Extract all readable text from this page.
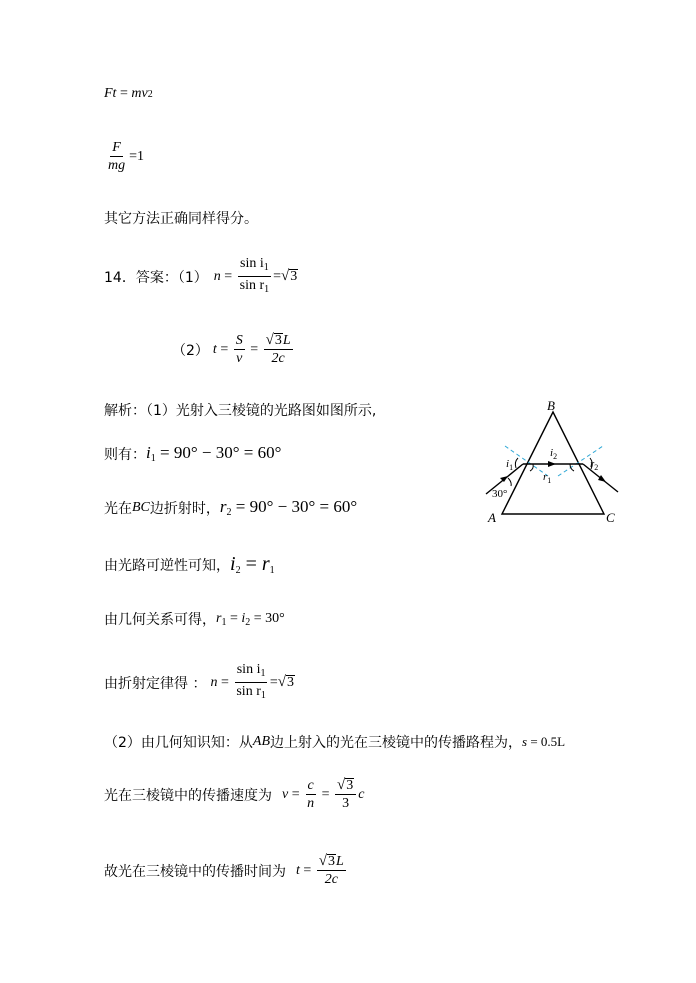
Ft = mv 2
$\frac{F}{mg} =1$
其它方法正确同样得分。
14．答案：（1） $n = \frac{\sin i_1}{\sin r_1}$ = √ 3
（2） $t = \frac{S}{v} = \frac{√ 3 L}{2c}$
解析：（1）光射入三棱镜的光路图如图所示,
则有： $i_1 = 90^\circ - 30^\circ = 60^\circ$
光在 BC 边折射时， $r_2 = 90^\circ - 30^\circ = 60^\circ$
由光路可逆性可知， $i_2 = r_1$
由几何关系可得， $r_1 = i_2 = 30^\circ$
由折射定律得 ： $n = \frac{\sin i_1}{\sin r_1}$ = √ 3
（2）由几何知识知：从 AB 边上射入的光在三棱镜中的传播路程为， s = 0.5L
光在三棱镜中的传播速度为 $v = \frac{c}{n} = \frac{√ 3}{3}$ c
故光在三棱镜中的传播时间为 $t = \frac{√ 3 L}{2c}$
B
A	C
$i_1$
$i_2$
$r_1$
$r_2$
30°
